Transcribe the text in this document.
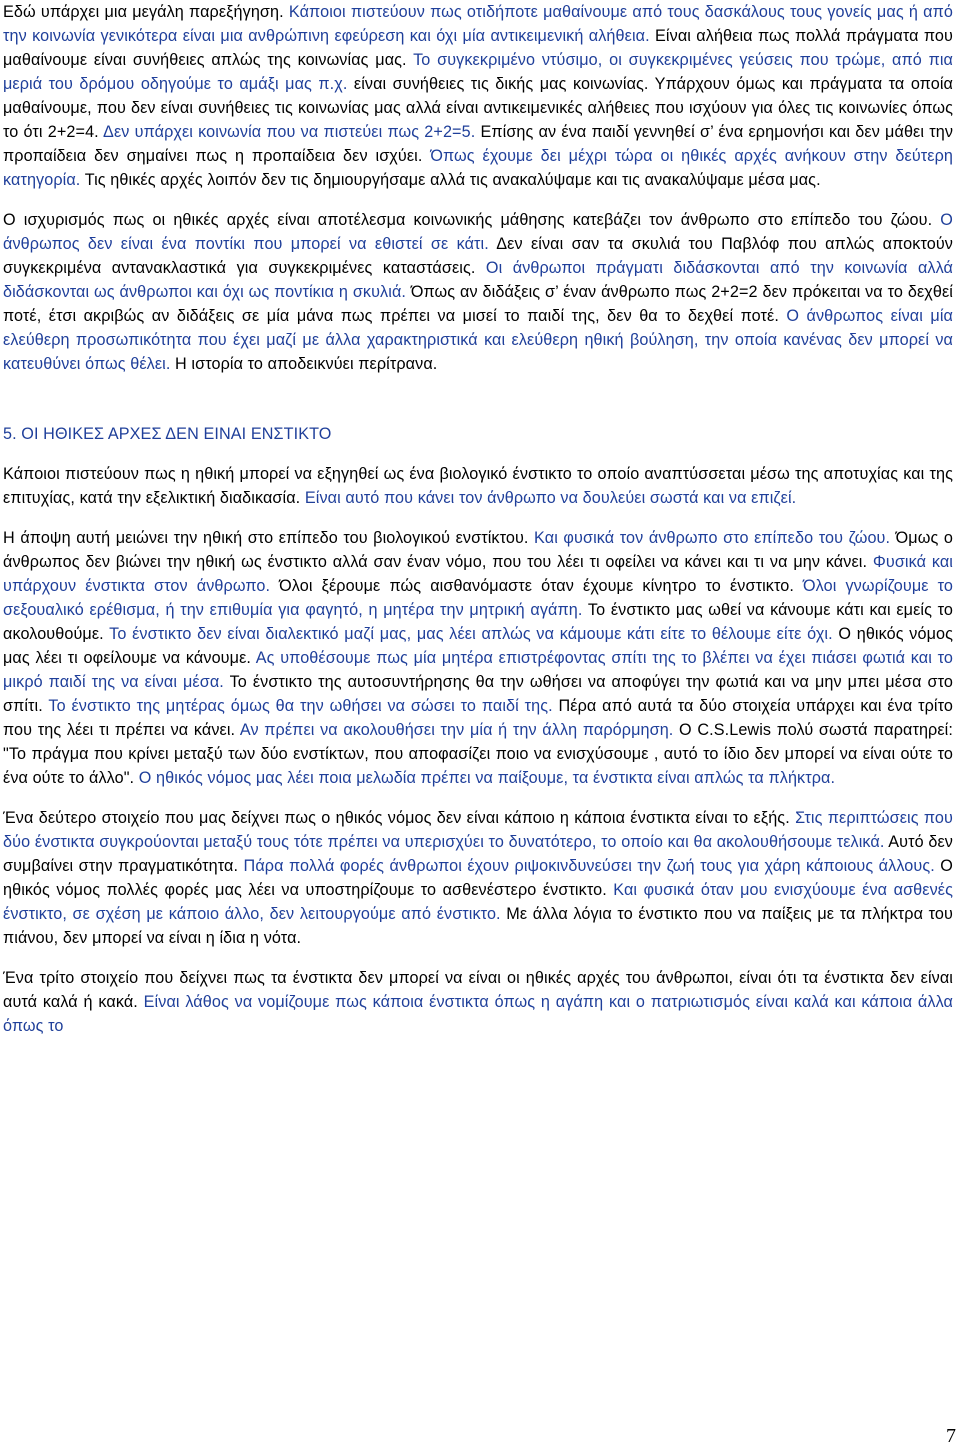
Εδώ υπάρχει μια μεγάλη παρεξήγηση. Κάποιοι πιστεύουν πως οτιδήποτε μαθαίνουμε από τους δασκάλους τους γονείς μας ή από την κοινωνία γενικότερα είναι μια ανθρώπινη εφεύρεση και όχι μία αντικειμενική αλήθεια. Είναι αλήθεια πως πολλά πράγματα που μαθαίνουμε είναι συνήθειες απλώς της κοινωνίας μας. Το συγκεκριμένο ντύσιμο, οι συγκεκριμένες γεύσεις που τρώμε, από πια μεριά του δρόμου οδηγούμε το αμάξι μας π.χ. είναι συνήθειες τις δικής μας κοινωνίας. Υπάρχουν όμως και πράγματα τα οποία μαθαίνουμε, που δεν είναι συνήθειες τις κοινωνίας μας αλλά είναι αντικειμενικές αλήθειες που ισχύουν για όλες τις κοινωνίες όπως το ότι 2+2=4. Δεν υπάρχει κοινωνία που να πιστεύει πως 2+2=5. Επίσης αν ένα παιδί γεννηθεί σ’ ένα ερημονήσι και δεν μάθει την προπαίδεια δεν σημαίνει πως η προπαίδεια δεν ισχύει. Όπως έχουμε δει μέχρι τώρα οι ηθικές αρχές ανήκουν στην δεύτερη κατηγορία. Τις ηθικές αρχές λοιπόν δεν τις δημιουργήσαμε αλλά τις ανακαλύψαμε και τις ανακαλύψαμε μέσα μας.

Ο ισχυρισμός πως οι ηθικές αρχές είναι αποτέλεσμα κοινωνικής μάθησης κατεβάζει τον άνθρωπο στο επίπεδο του ζώου. Ο άνθρωπος δεν είναι ένα ποντίκι που μπορεί να εθιστεί σε κάτι. Δεν είναι σαν τα σκυλιά του Παβλόφ που απλώς αποκτούν συγκεκριμένα αντανακλαστικά για συγκεκριμένες καταστάσεις. Οι άνθρωποι πράγματι διδάσκονται από την κοινωνία αλλά διδάσκονται ως άνθρωποι και όχι ως ποντίκια η σκυλιά. Όπως αν διδάξεις σ’ έναν άνθρωπο πως 2+2=2 δεν πρόκειται να το δεχθεί ποτέ, έτσι ακριβώς αν διδάξεις σε μία μάνα πως πρέπει να μισεί το παιδί της, δεν θα το δεχθεί ποτέ. Ο άνθρωπος είναι μία ελεύθερη προσωπικότητα που έχει μαζί με άλλα χαρακτηριστικά και ελεύθερη ηθική βούληση, την οποία κανένας δεν μπορεί να κατευθύνει όπως θέλει. Η ιστορία το αποδεικνύει περίτρανα.

5. ΟΙ ΗΘΙΚΕΣ ΑΡΧΕΣ ΔΕΝ ΕΙΝΑΙ ΕΝΣΤΙΚΤΟ

Κάποιοι πιστεύουν πως η ηθική μπορεί να εξηγηθεί ως ένα βιολογικό ένστικτο το οποίο αναπτύσσεται μέσω της αποτυχίας και της επιτυχίας, κατά την εξελικτική διαδικασία. Είναι αυτό που κάνει τον άνθρωπο να δουλεύει σωστά και να επιζεί.

Η άποψη αυτή μειώνει την ηθική στο επίπεδο του βιολογικού ενστίκτου. Και φυσικά τον άνθρωπο στο επίπεδο του ζώου. Όμως ο άνθρωπος δεν βιώνει την ηθική ως ένστικτο αλλά σαν έναν νόμο, που του λέει τι οφείλει να κάνει και τι να μην κάνει. Φυσικά και υπάρχουν ένστικτα στον άνθρωπο. Όλοι ξέρουμε πώς αισθανόμαστε όταν έχουμε κίνητρο το ένστικτο. Όλοι γνωρίζουμε το σεξουαλικό ερέθισμα, ή την επιθυμία για φαγητό, η μητέρα την μητρική αγάπη. Το ένστικτο μας ωθεί να κάνουμε κάτι και εμείς το ακολουθούμε. Το ένστικτο δεν είναι διαλεκτικό μαζί μας, μας λέει απλώς να κάμουμε κάτι είτε το θέλουμε είτε όχι. Ο ηθικός νόμος μας λέει τι οφείλουμε να κάνουμε. Ας υποθέσουμε πως μία μητέρα επιστρέφοντας σπίτι της το βλέπει να έχει πιάσει φωτιά και το μικρό παιδί της να είναι μέσα. Το ένστικτο της αυτοσυντήρησης θα την ωθήσει να αποφύγει την φωτιά και να μην μπει μέσα στο σπίτι. Το ένστικτο της μητέρας όμως θα την ωθήσει να σώσει το παιδί της. Πέρα από αυτά τα δύο στοιχεία υπάρχει και ένα τρίτο που της λέει τι πρέπει να κάνει. Αν πρέπει να ακολουθήσει την μία ή την άλλη παρόρμηση. Ο C.S.Lewis πολύ σωστά παρατηρεί: "Το πράγμα που κρίνει μεταξύ των δύο ενστίκτων, που αποφασίζει ποιο να ενισχύσουμε , αυτό το ίδιο δεν μπορεί να είναι ούτε το ένα ούτε το άλλο". Ο ηθικός νόμος μας λέει ποια μελωδία πρέπει να παίξουμε, τα ένστικτα είναι απλώς τα πλήκτρα.

Ένα δεύτερο στοιχείο που μας δείχνει πως ο ηθικός νόμος δεν είναι κάποιο η κάποια ένστικτα είναι το εξής. Στις περιπτώσεις που δύο ένστικτα συγκρούονται μεταξύ τους τότε πρέπει να υπερισχύει το δυνατότερο, το οποίο και θα ακολουθήσουμε τελικά. Αυτό δεν συμβαίνει στην πραγματικότητα. Πάρα πολλά φορές άνθρωποι έχουν ριψοκινδυνεύσει την ζωή τους για χάρη κάποιους άλλους. Ο ηθικός νόμος πολλές φορές μας λέει να υποστηρίζουμε το ασθενέστερο ένστικτο. Και φυσικά όταν μου ενισχύουμε ένα ασθενές ένστικτο, σε σχέση με κάποιο άλλο, δεν λειτουργούμε από ένστικτο. Με άλλα λόγια το ένστικτο που να παίξεις με τα πλήκτρα του πιάνου, δεν μπορεί να είναι η ίδια η νότα.

Ένα τρίτο στοιχείο που δείχνει πως τα ένστικτα δεν μπορεί να είναι οι ηθικές αρχές του άνθρωποι, είναι ότι τα ένστικτα δεν είναι αυτά καλά ή κακά. Είναι λάθος να νομίζουμε πως κάποια ένστικτα όπως η αγάπη και ο πατριωτισμός είναι καλά και κάποια άλλα όπως το

7
